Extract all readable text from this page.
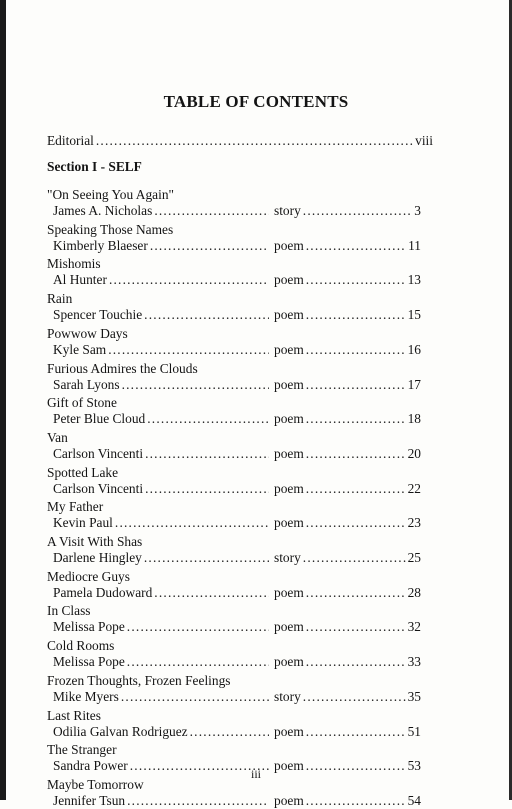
TABLE OF CONTENTS
Editorial .....	viii
Section I - SELF
"On Seeing You Again"
James A. Nicholas .....	story .....	3
Speaking Those Names
Kimberly Blaeser .....	poem .....	11
Mishomis
Al Hunter .....	poem .....	13
Rain
Spencer Touchie .....	poem .....	15
Powwow Days
Kyle Sam .....	poem .....	16
Furious Admires the Clouds
Sarah Lyons .....	poem .....	17
Gift of Stone
Peter Blue Cloud .....	poem .....	18
Van
Carlson Vincenti .....	poem .....	20
Spotted Lake
Carlson Vincenti .....	poem .....	22
My Father
Kevin Paul .....	poem .....	23
A Visit With Shas
Darlene Hingley .....	story .....	25
Mediocre Guys
Pamela Dudoward .....	poem .....	28
In Class
Melissa Pope .....	poem .....	32
Cold Rooms
Melissa Pope .....	poem .....	33
Frozen Thoughts, Frozen Feelings
Mike Myers .....	story .....	35
Last Rites
Odilia Galvan Rodriguez .....	poem .....	51
The Stranger
Sandra Power .....	poem .....	53
Maybe Tomorrow
Jennifer Tsun .....	poem .....	54
iii
